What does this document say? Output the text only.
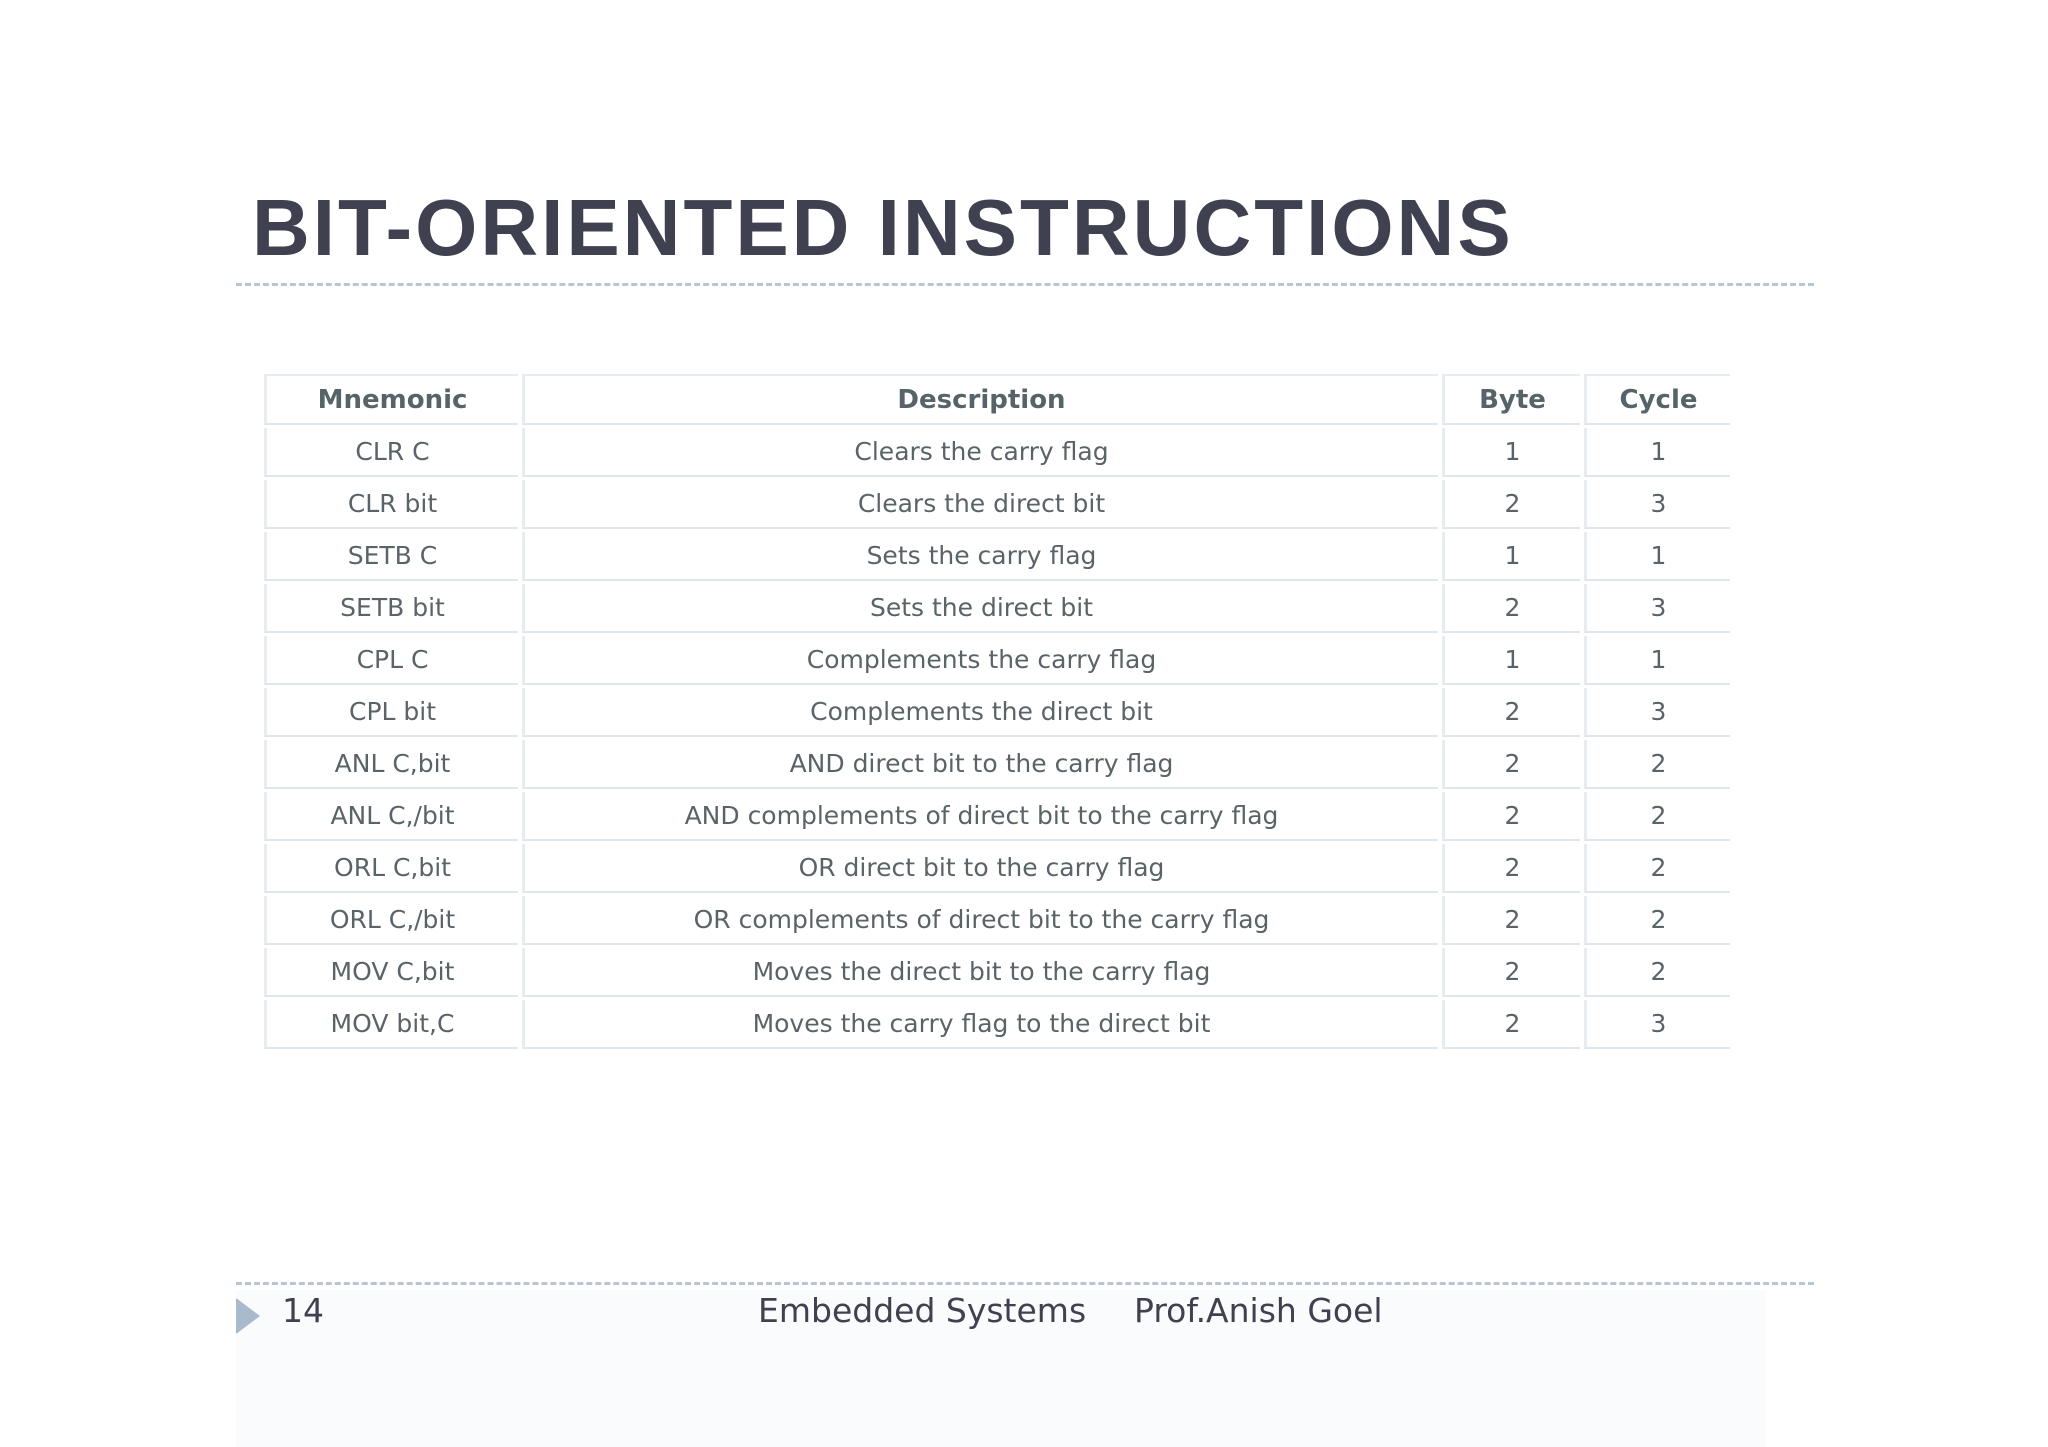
BIT-ORIENTED INSTRUCTIONS
Mnemonic	Description	Byte	Cycle
CLR C	Clears the carry flag	1	1
CLR bit	Clears the direct bit	2	3
SETB C	Sets the carry flag	1	1
SETB bit	Sets the direct bit	2	3
CPL C	Complements the carry flag	1	1
CPL bit	Complements the direct bit	2	3
ANL C,bit	AND direct bit to the carry flag	2	2
ANL C,/bit	AND complements of direct bit to the carry flag	2	2
ORL C,bit	OR direct bit to the carry flag	2	2
ORL C,/bit	OR complements of direct bit to the carry flag	2	2
MOV C,bit	Moves the direct bit to the carry flag	2	2
MOV bit,C	Moves the carry flag to the direct bit	2	3
14	Embedded Systems Prof.Anish Goel
